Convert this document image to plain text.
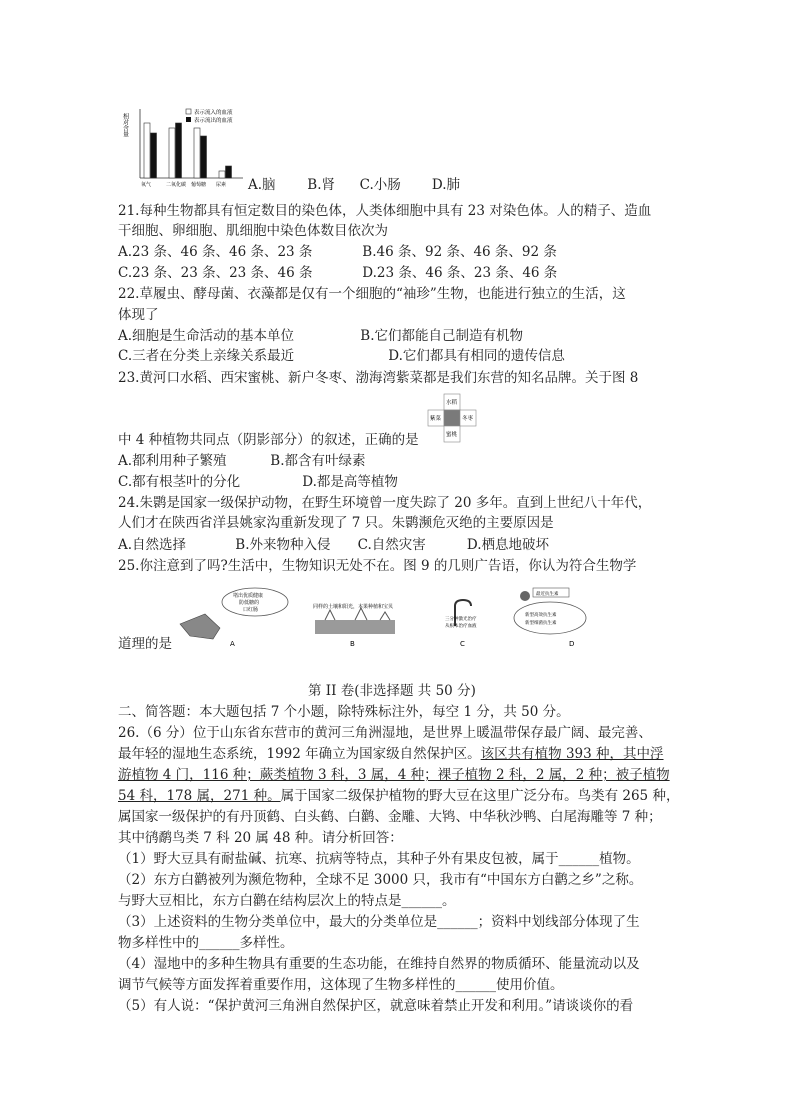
相对含量	表示流入的血液
表示流出的血液
氧气	二氧化碳 葡萄糖 尿素 A.脑 B.肾 C.小肠 D.肺
21.每种生物都具有恒定数目的染色体，人类体细胞中具有 23 对染色体。人的精子、造血
干细胞、卵细胞、肌细胞中染色体数目依次为
A.23 条、46 条、46 条、23 条	B.46 条、92 条、46 条、92 条
C.23 条、23 条、23 条、46 条	D.23 条、46 条、23 条、46 条
22.草履虫、酵母菌、衣藻都是仅有一个细胞的“袖珍”生物，也能进行独立的生活，这
体现了
A.细胞是生命活动的基本单位	B.它们都能自己制造有机物
C.三者在分类上亲缘关系最近	D.它们都具有相同的遗传信息
23.黄河口水稻、西宋蜜桃、新户冬枣、渤海湾紫菜都是我们东营的知名品牌。关于图 8
水稻
紫菜	冬枣
蜜桃
中 4 种植物共同点（阴影部分）的叙述，正确的是
A.都利用种子繁殖	B.都含有叶绿素
C.都有根茎叶的分化	D.都是高等植物
24.朱鹮是国家一级保护动物，在野生环境曾一度失踪了 20 多年。直到上世纪八十年代，
人们才在陕西省洋县姚家沟重新发现了 7 只。朱鹮濒危灭绝的主要原因是
A.自然选择	B.外来物种入侵 C.自然灾害	D.栖息地破坏
25.你注意到了吗?生活中，生物知识无处不在。图 9 的几则广告语，你认为符合生物学
堵出优质健康
防低糖的
口红肠
A
同样的土壤和阳光，本果种植和宝贝
B
三分钟激光治疗
从根本治疗血液
C
最近抗生素
新型高效抗生素
新型细菌抗生素
D
道理的是
第 II 卷(非选择题 共 50 分)
二、简答题：本大题包括 7 个小题，除特殊标注外，每空 1 分，共 50 分。
26.（6 分）位于山东省东营市的黄河三角洲湿地，是世界上暖温带保存最广阔、最完善、
最年轻的湿地生态系统，1992 年确立为国家级自然保护区。该区共有植物 393 种，其中浮
游植物 4 门，116 种；蕨类植物 3 科，3 属，4 种；裸子植物 2 科，2 属，2 种；被子植物
54 科，178 属，271 种。属于国家二级保护植物的野大豆在这里广泛分布。鸟类有 265 种，
属国家一级保护的有丹顶鹤、白头鹤、白鹳、金雕、大鸨、中华秋沙鸭、白尾海雕等 7 种；
其中鸻鹬鸟类 7 科 20 属 48 种。请分析回答：
（1）野大豆具有耐盐碱、抗寒、抗病等特点，其种子外有果皮包被，属于______植物。
（2）东方白鹳被列为濒危物种，全球不足 3000 只，我市有“中国东方白鹳之乡”之称。
与野大豆相比，东方白鹳在结构层次上的特点是______。
（3）上述资料的生物分类单位中，最大的分类单位是______；资料中划线部分体现了生
物多样性中的______多样性。
（4）湿地中的多种生物具有重要的生态功能，在维持自然界的物质循环、能量流动以及
调节气候等方面发挥着重要作用，这体现了生物多样性的______使用价值。
（5）有人说：“保护黄河三角洲自然保护区，就意味着禁止开发和利用。”请谈谈你的看
